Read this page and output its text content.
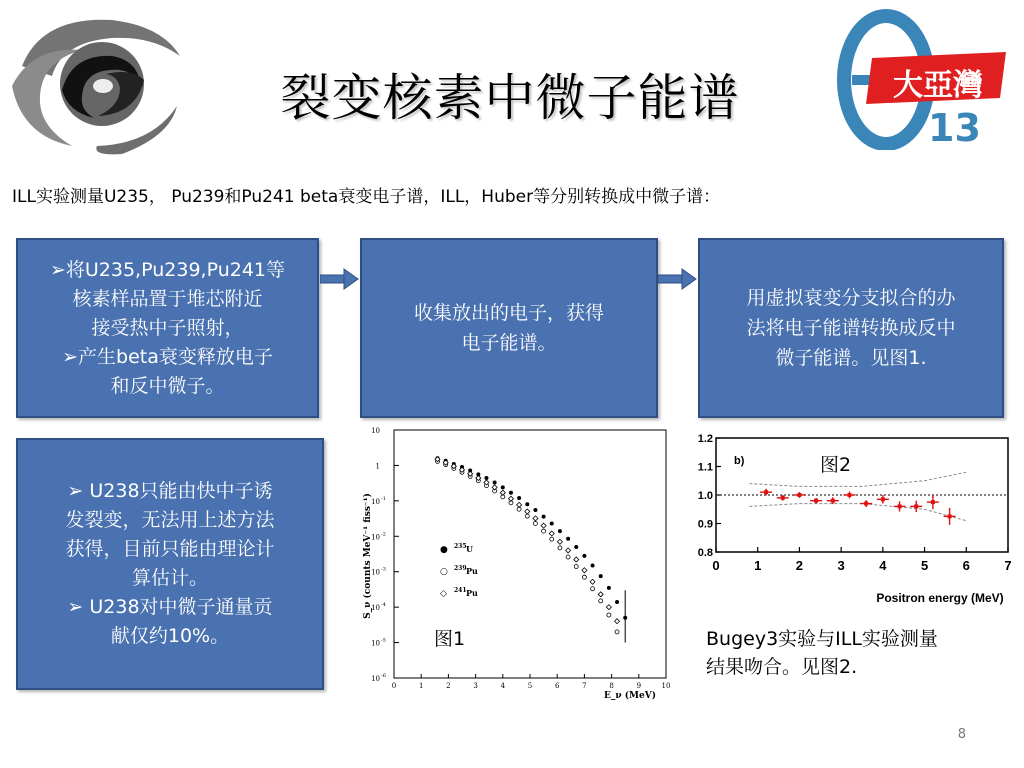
裂变核素中微子能谱	大亞灣
13
ILL实验测量U235， Pu239和Pu241 beta衰变电子谱，ILL，Huber等分别转换成中微子谱：
➢将U235,Pu239,Pu241等
核素样品置于堆芯附近
接受热中子照射，
➢产生beta衰变释放电子
和反中微子。
收集放出的电子，获得
电子能谱。
用虚拟衰变分支拟合的办
法将电子能谱转换成反中
微子能谱。见图1.
➢ U238只能由快中子诱
发裂变，无法用上述方法
获得，目前只能由理论计
算估计。
➢ U238对中微子通量贡
献仅约10%。
S_ν (counts MeV⁻¹ fiss⁻¹)
E_ν (MeV)
10
1
10 -1
10 -2
10 -3
10 -4
10 -5
10 -6
0	1	2	3	4	5	6	7	8	9	10
● 235 U
○ 239 Pu
◇ 241 Pu
图1
b)
Positron energy (MeV)
1.2
1.1
1.0
0.9
0.8
0	1	2	3	4	5	6	7
图2
Bugey3实验与ILL实验测量
结果吻合。见图2.
8
